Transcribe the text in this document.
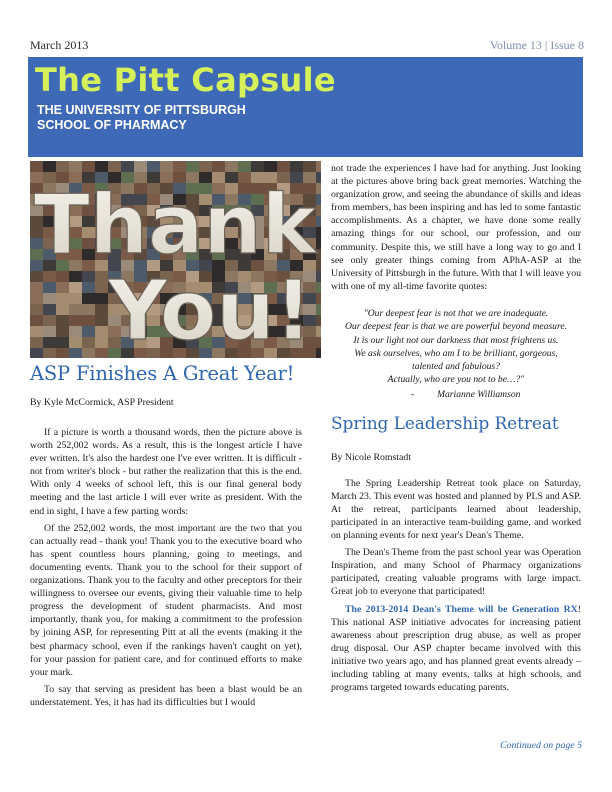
March 2013	Volume 13 | Issue 8
The Pitt Capsule
THE UNIVERSITY OF PITTSBURGH
SCHOOL OF PHARMACY
Thank
You!
ASP Finishes A Great Year!
By Kyle McCormick, ASP President

If a picture is worth a thousand words, then the picture above is worth 252,002 words. As a result, this is the longest article I have ever written. It's also the hardest one I've ever written. It is difficult - not from writer's block - but rather the realization that this is the end. With only 4 weeks of school left, this is our final general body meeting and the last article I will ever write as president. With the end in sight, I have a few parting words:

Of the 252,002 words, the most important are the two that you can actually read - thank you! Thank you to the executive board who has spent countless hours planning, going to meetings, and documenting events. Thank you to the school for their support of organizations. Thank you to the faculty and other preceptors for their willingness to oversee our events, giving their valuable time to help progress the development of student pharmacists. And most importantly, thank you, for making a commitment to the profession by joining ASP, for representing Pitt at all the events (making it the best pharmacy school, even if the rankings haven't caught on yet), for your passion for patient care, and for continued efforts to make your mark.

To say that serving as president has been a blast would be an understatement. Yes, it has had its difficulties but I would

not trade the experiences I have had for anything. Just looking at the pictures above bring back great memories. Watching the organization grow, and seeing the abundance of skills and ideas from members, has been inspiring and has led to some fantastic accomplishments. As a chapter, we have done some really amazing things for our school, our profession, and our community. Despite this, we still have a long way to go and I see only greater things coming from APhA-ASP at the University of Pittsburgh in the future. With that I will leave you with one of my all-time favorite quotes:

"Our deepest fear is not that we are inadequate.
Our deepest fear is that we are powerful beyond measure.
It is our light not our darkness that most frightens us.
We ask ourselves, who am I to be brilliant, gorgeous,
talented and fabulous?
Actually, who are you not to be…?"
- Marianne Williamson
Spring Leadership Retreat
By Nicole Romstadt

The Spring Leadership Retreat took place on Saturday, March 23. This event was hosted and planned by PLS and ASP. At the retreat, participants learned about leadership, participated in an interactive team-building game, and worked on planning events for next year's Dean's Theme.

The Dean's Theme from the past school year was Operation Inspiration, and many School of Pharmacy organizations participated, creating valuable programs with large impact. Great job to everyone that participated!

The 2013-2014 Dean's Theme will be Generation RX! This national ASP initiative advocates for increasing patient awareness about prescription drug abuse, as well as proper drug disposal. Our ASP chapter became involved with this initiative two years ago, and has planned great events already – including tabling at many events, talks at high schools, and programs targeted towards educating parents.

Continued on page 5
